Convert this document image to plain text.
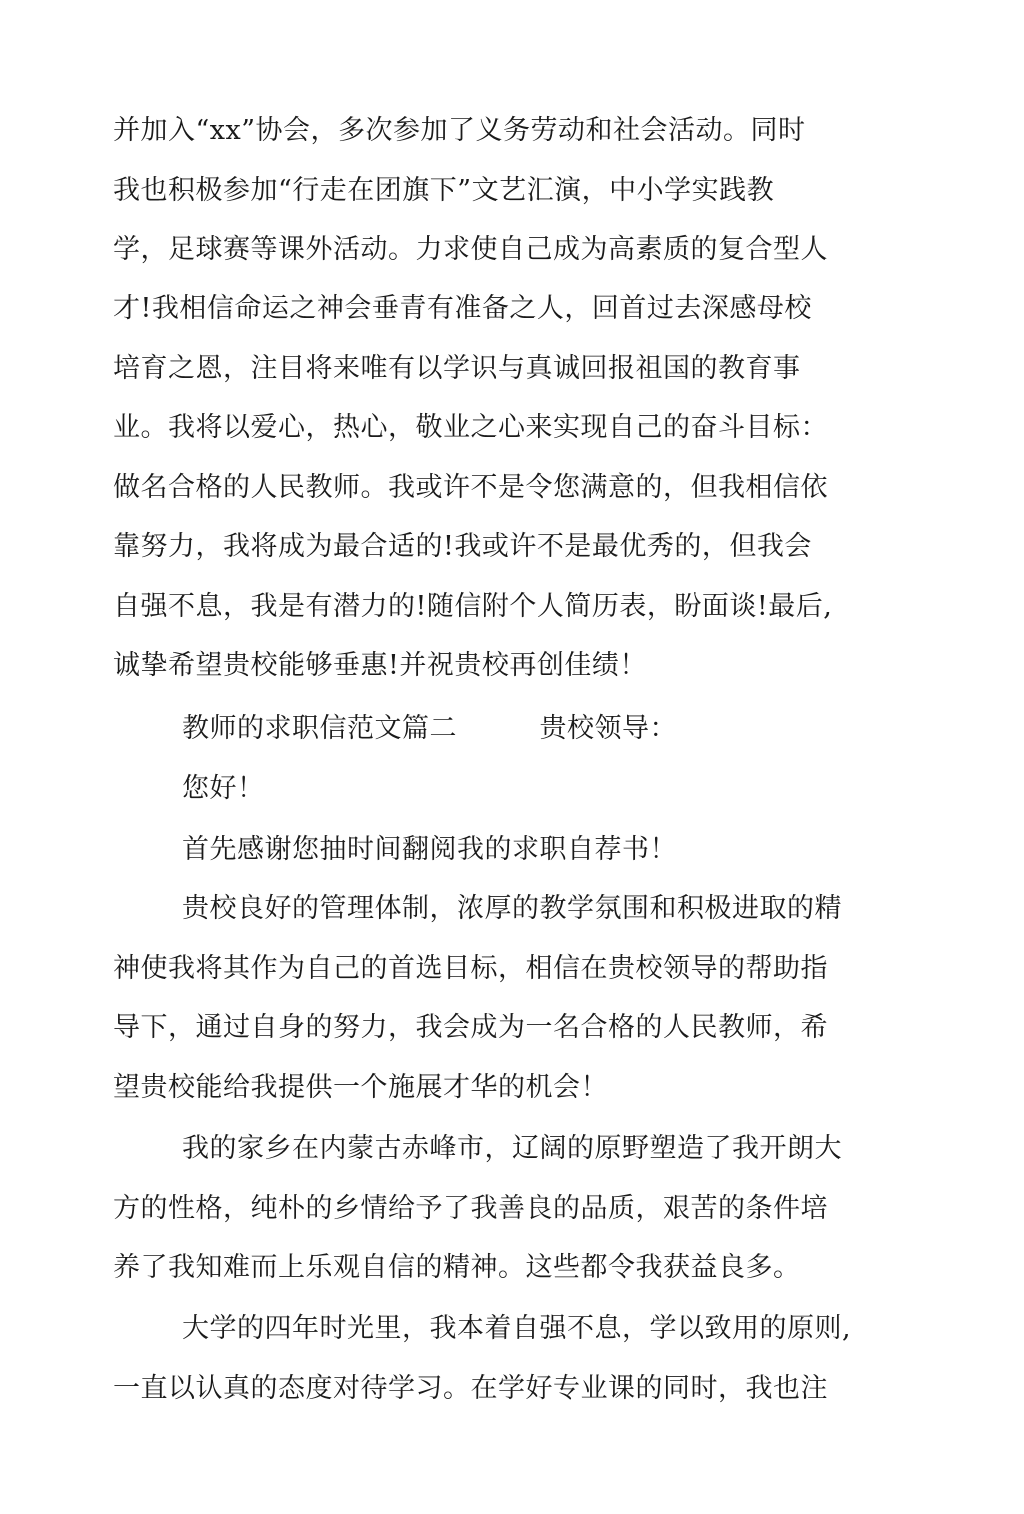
并加入“xx”协会，多次参加了义务劳动和社会活动。同时
我也积极参加“行走在团旗下”文艺汇演，中小学实践教
学，足球赛等课外活动。力求使自己成为高素质的复合型人
才!我相信命运之神会垂青有准备之人，回首过去深感母校
培育之恩，注目将来唯有以学识与真诚回报祖国的教育事
业。我将以爱心，热心，敬业之心来实现自己的奋斗目标：
做名合格的人民教师。我或许不是令您满意的，但我相信依
靠努力，我将成为最合适的!我或许不是最优秀的，但我会
自强不息，我是有潜力的!随信附个人简历表，盼面谈!最后,
诚挚希望贵校能够垂惠!并祝贵校再创佳绩！
教师的求职信范文篇二　　　贵校领导：
您好！
首先感谢您抽时间翻阅我的求职自荐书！
贵校良好的管理体制，浓厚的教学氛围和积极进取的精
神使我将其作为自己的首选目标，相信在贵校领导的帮助指
导下，通过自身的努力，我会成为一名合格的人民教师，希
望贵校能给我提供一个施展才华的机会！
我的家乡在内蒙古赤峰市，辽阔的原野塑造了我开朗大
方的性格，纯朴的乡情给予了我善良的品质，艰苦的条件培
养了我知难而上乐观自信的精神。这些都令我获益良多。
大学的四年时光里，我本着自强不息，学以致用的原则,
一直以认真的态度对待学习。在学好专业课的同时，我也注
